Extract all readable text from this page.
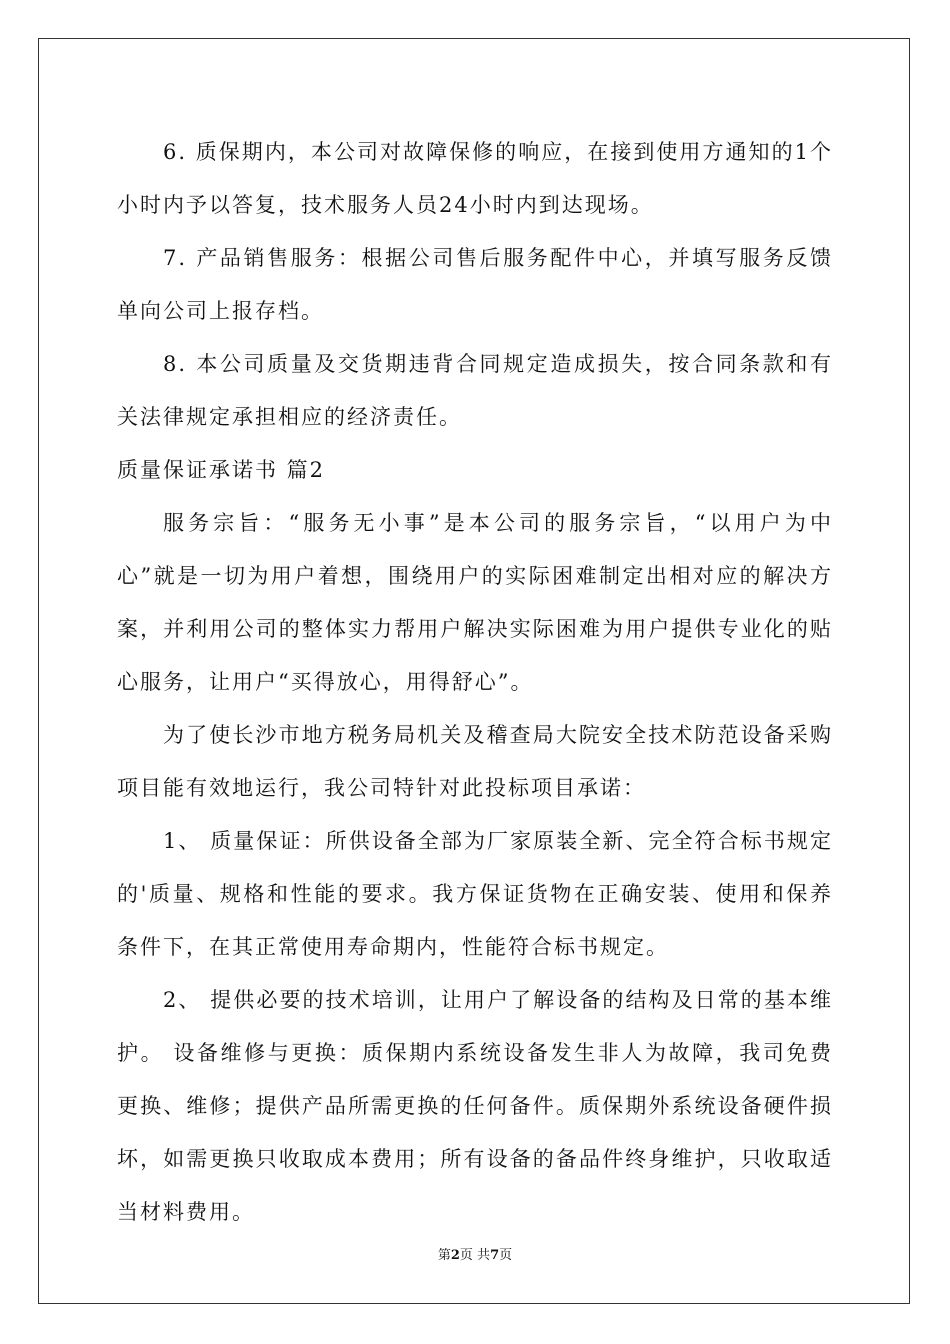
6. 质保期内，本公司对故障保修的响应，在接到使用方通知的1个小时内予以答复，技术服务人员24小时内到达现场。

7. 产品销售服务：根据公司售后服务配件中心，并填写服务反馈单向公司上报存档。

8. 本公司质量及交货期违背合同规定造成损失，按合同条款和有关法律规定承担相应的经济责任。

质量保证承诺书 篇2

服务宗旨：“服务无小事”是本公司的服务宗旨，“以用户为中心”就是一切为用户着想，围绕用户的实际困难制定出相对应的解决方案，并利用公司的整体实力帮用户解决实际困难为用户提供专业化的贴心服务，让用户“买得放心，用得舒心”。

为了使长沙市地方税务局机关及稽查局大院安全技术防范设备采购项目能有效地运行，我公司特针对此投标项目承诺：

1、 质量保证：所供设备全部为厂家原装全新、完全符合标书规定的'质量、规格和性能的要求。我方保证货物在正确安装、使用和保养条件下，在其正常使用寿命期内，性能符合标书规定。

2、 提供必要的技术培训，让用户了解设备的结构及日常的基本维护。 设备维修与更换：质保期内系统设备发生非人为故障，我司免费更换、维修；提供产品所需更换的任何备件。质保期外系统设备硬件损坏，如需更换只收取成本费用；所有设备的备品件终身维护，只收取适当材料费用。

第2页 共7页
